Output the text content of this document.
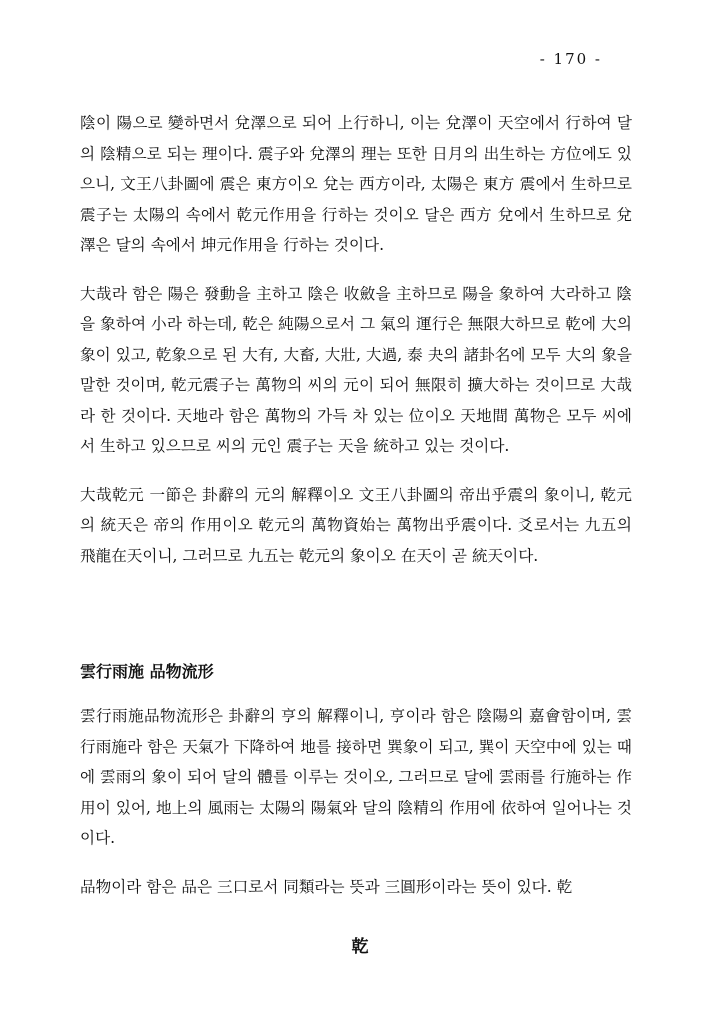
- 170 -

陰이 陽으로 變하면서 兌澤으로 되어 上行하니, 이는 兌澤이 天空에서 行하여 달의 陰精으로 되는 理이다. 震子와 兌澤의 理는 또한 日月의 出生하는 方位에도 있으니, 文王八卦圖에 震은 東方이오 兌는 西方이라, 太陽은 東方 震에서 生하므로 震子는 太陽의 속에서 乾元作用을 行하는 것이오 달은 西方 兌에서 生하므로 兌澤은 달의 속에서 坤元作用을 行하는 것이다.

大哉라 함은 陽은 發動을 主하고 陰은 收斂을 主하므로 陽을 象하여 大라하고 陰을 象하여 小라 하는데, 乾은 純陽으로서 그 氣의 運行은 無限大하므로 乾에 大의 象이 있고, 乾象으로 된 大有, 大畜, 大壯, 大過, 泰 夬의 諸卦名에 모두 大의 象을 말한 것이며, 乾元震子는 萬物의 씨의 元이 되어 無限히 擴大하는 것이므로 大哉라 한 것이다. 天地라 함은 萬物의 가득 차 있는 位이오 天地間 萬物은 모두 씨에서 生하고 있으므로 씨의 元인 震子는 天을 統하고 있는 것이다.

大哉乾元 一節은 卦辭의 元의 解釋이오 文王八卦圖의 帝出乎震의 象이니, 乾元의 統天은 帝의 作用이오 乾元의 萬物資始는 萬物出乎震이다. 爻로서는 九五의 飛龍在天이니, 그러므로 九五는 乾元의 象이오 在天이 곧 統天이다.

雲行雨施 品物流形

雲行雨施品物流形은 卦辭의 亨의 解釋이니, 亨이라 함은 陰陽의 嘉會함이며, 雲行雨施라 함은 天氣가 下降하여 地를 接하면 巽象이 되고, 巽이 天空中에 있는 때에 雲雨의 象이 되어 달의 體를 이루는 것이오, 그러므로 달에 雲雨를 行施하는 作用이 있어, 地上의 風雨는 太陽의 陽氣와 달의 陰精의 作用에 依하여 일어나는 것이다.

品物이라 함은 品은 三口로서 同類라는 뜻과 三圓形이라는 뜻이 있다. 乾

乾
